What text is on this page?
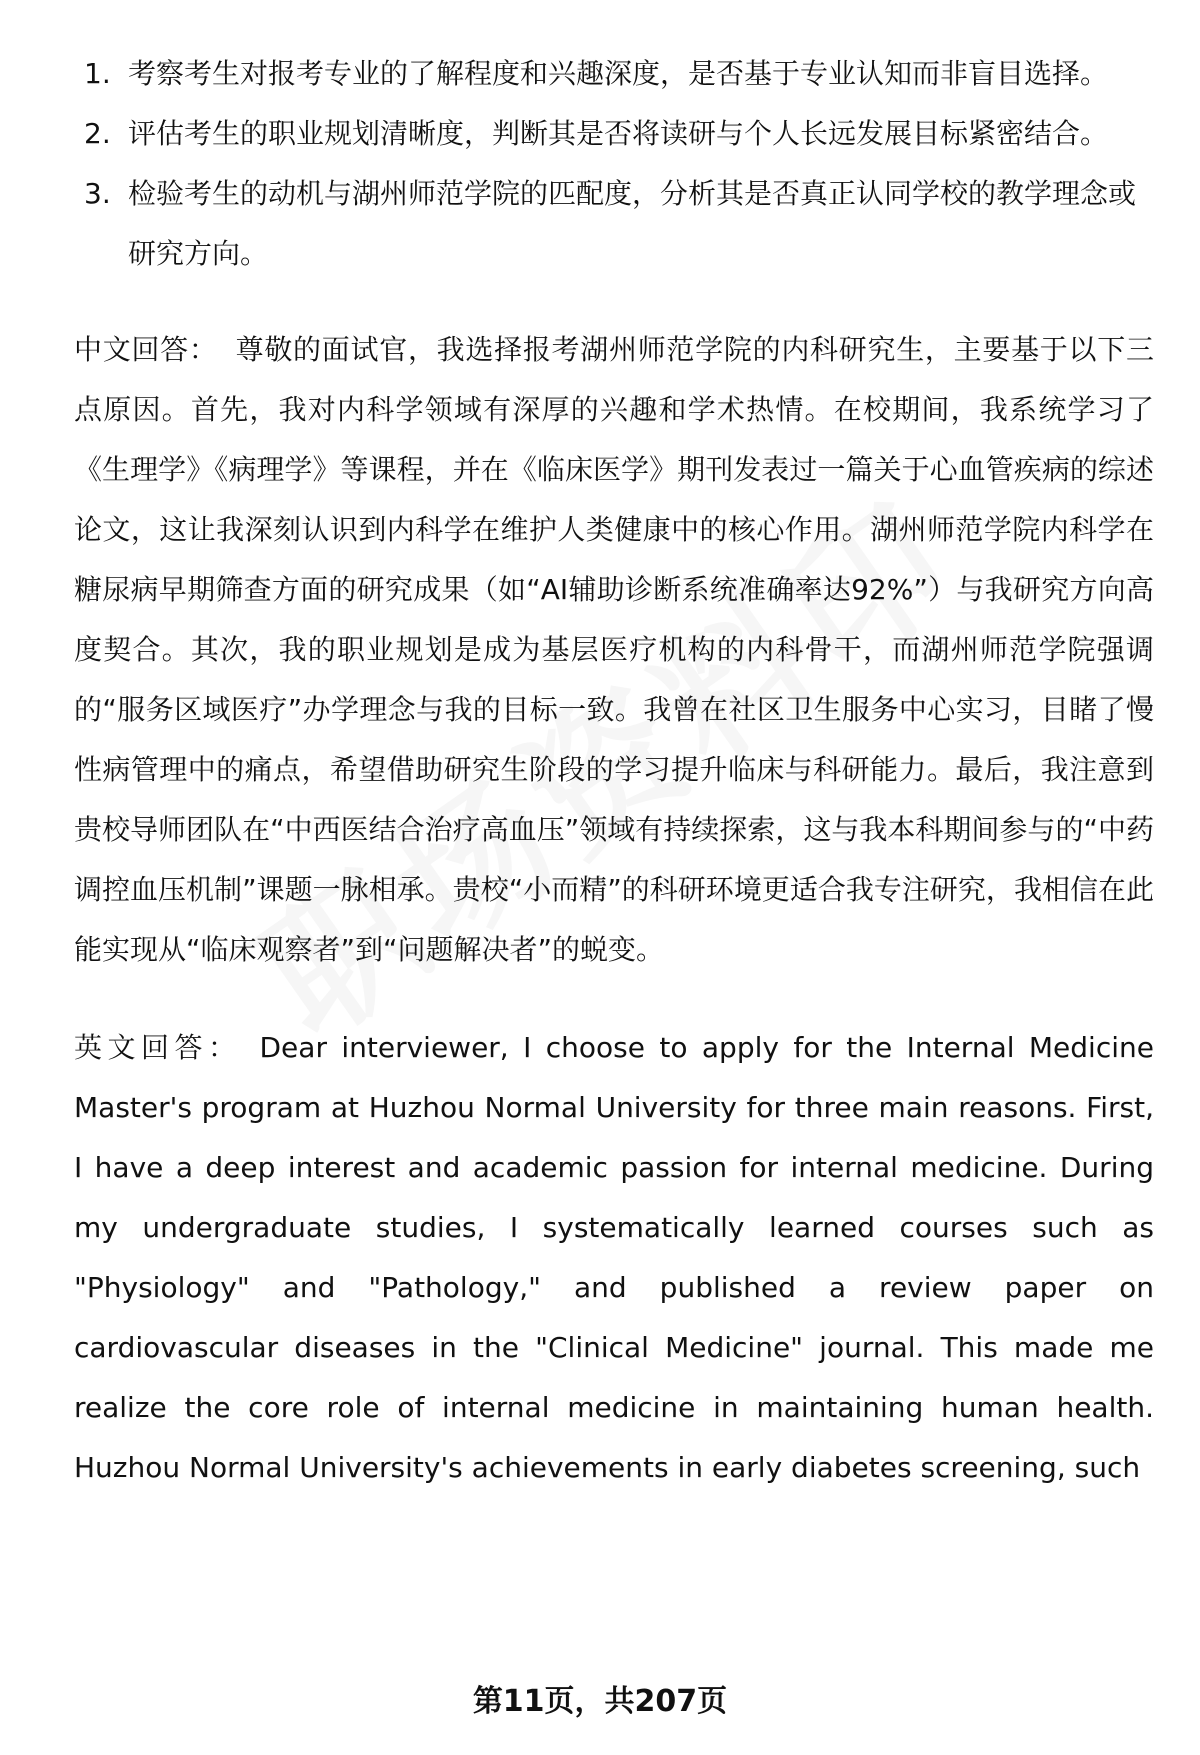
1. 考察考生对报考专业的了解程度和兴趣深度，是否基于专业认知而非盲目选择。
2. 评估考生的职业规划清晰度，判断其是否将读研与个人长远发展目标紧密结合。
3. 检验考生的动机与湖州师范学院的匹配度，分析其是否真正认同学校的教学理念或研究方向。

中文回答： 尊敬的面试官，我选择报考湖州师范学院的内科研究生，主要基于以下三点原因。首先，我对内科学领域有深厚的兴趣和学术热情。在校期间，我系统学习了《生理学》《病理学》等课程，并在《临床医学》期刊发表过一篇关于心血管疾病的综述论文，这让我深刻认识到内科学在维护人类健康中的核心作用。湖州师范学院内科学在糖尿病早期筛查方面的研究成果（如“AI辅助诊断系统准确率达92%”）与我研究方向高度契合。其次，我的职业规划是成为基层医疗机构的内科骨干，而湖州师范学院强调的“服务区域医疗”办学理念与我的目标一致。我曾在社区卫生服务中心实习，目睹了慢性病管理中的痛点，希望借助研究生阶段的学习提升临床与科研能力。最后，我注意到贵校导师团队在“中西医结合治疗高血压”领域有持续探索，这与我本科期间参与的“中药调控血压机制”课题一脉相承。贵校“小而精”的科研环境更适合我专注研究，我相信在此能实现从“临床观察者”到“问题解决者”的蜕变。

英文回答： Dear interviewer, I choose to apply for the Internal Medicine Master's program at Huzhou Normal University for three main reasons. First, I have a deep interest and academic passion for internal medicine. During my undergraduate studies, I systematically learned courses such as "Physiology" and "Pathology," and published a review paper on cardiovascular diseases in the "Clinical Medicine" journal. This made me realize the core role of internal medicine in maintaining human health. Huzhou Normal University's achievements in early diabetes screening, such

第11页，共207页
